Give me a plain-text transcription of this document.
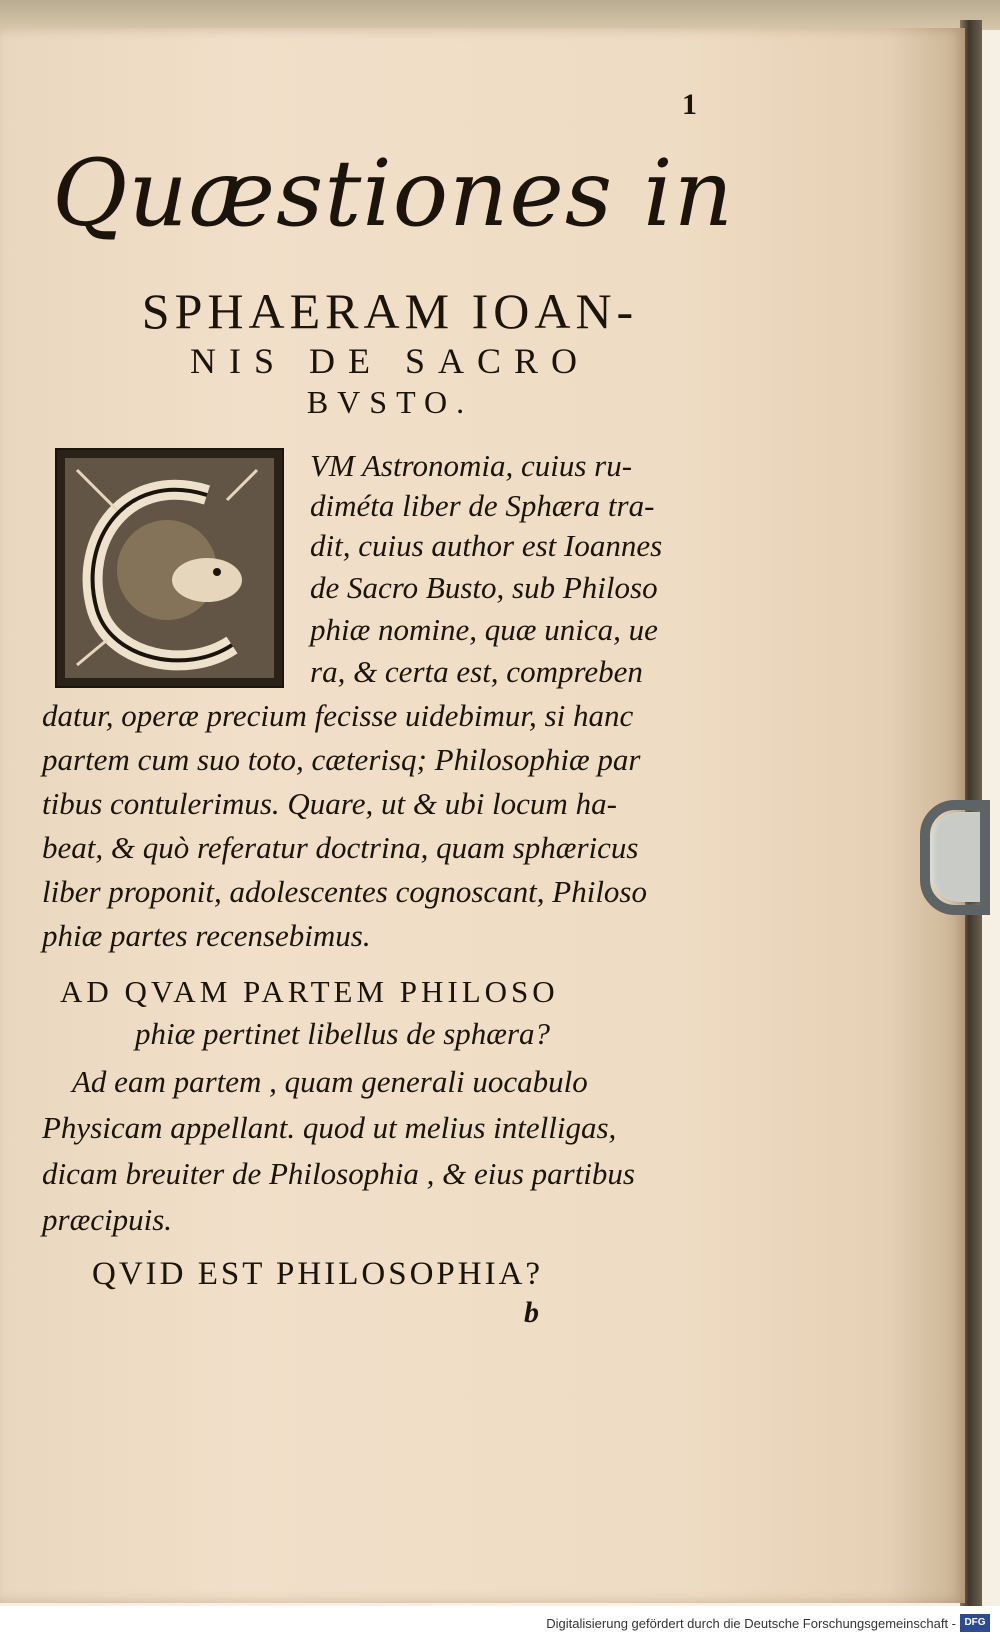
1
Quæstiones in
SPHAERAM IOAN-
NIS DE SACRO
BVSTO.
VM Astronomia, cuius ru-
diméta liber de Sphæra tra-
dit, cuius author est Ioannes
de Sacro Busto, sub Philoso
phiæ nomine, quæ unica, ue
ra, & certa est, compreben
datur, operæ precium fecisse uidebimur, si hanc
partem cum suo toto, cæterisq; Philosophiæ par
tibus contulerimus. Quare, ut & ubi locum ha-
beat, & quò referatur doctrina, quam sphæricus
liber proponit, adolescentes cognoscant, Philoso
phiæ partes recensebimus.
AD QVAM PARTEM PHILOSO
phiæ pertinet libellus de sphæra?
Ad eam partem , quam generali uocabulo
Physicam appellant. quod ut melius intelligas,
dicam breuiter de Philosophia , & eius partibus
præcipuis.
QVID EST PHILOSOPHIA?
b
Digitalisierung gefördert durch die Deutsche Forschungsgemeinschaft - DFG
